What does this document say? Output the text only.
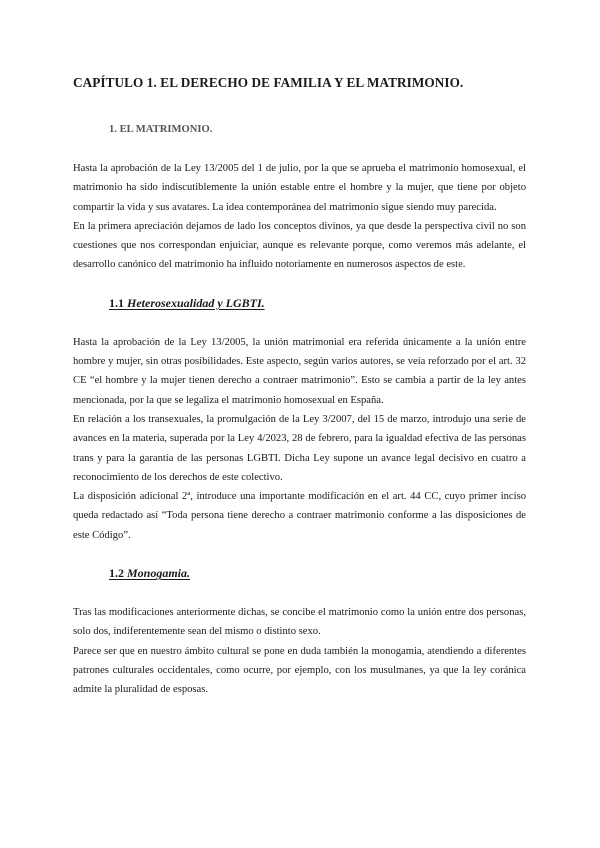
CAPÍTULO 1. EL DERECHO DE FAMILIA Y EL MATRIMONIO.
1. EL MATRIMONIO.

Hasta la aprobación de la Ley 13/2005 del 1 de julio, por la que se aprueba el matrimonio homosexual, el matrimonio ha sido indiscutiblemente la unión estable entre el hombre y la mujer, que tiene por objeto compartir la vida y sus avatares. La idea contemporánea del matrimonio sigue siendo muy parecida.

En la primera apreciación dejamos de lado los conceptos divinos, ya que desde la perspectiva civil no son cuestiones que nos correspondan enjuiciar, aunque es relevante porque, como veremos más adelante, el desarrollo canónico del matrimonio ha influido notoriamente en numerosos aspectos de este.

1.1 Heterosexualidad y LGBTI.

Hasta la aprobación de la Ley 13/2005, la unión matrimonial era referida únicamente a la unión entre hombre y mujer, sin otras posibilidades. Este aspecto, según varios autores, se veía reforzado por el art. 32 CE “el hombre y la mujer tienen derecho a contraer matrimonio”. Esto se cambia a partir de la ley antes mencionada, por la que se legaliza el matrimonio homosexual en España.

En relación a los transexuales, la promulgación de la Ley 3/2007, del 15 de marzo, introdujo una serie de avances en la materia, superada por la Ley 4/2023, 28 de febrero, para la igualdad efectiva de las personas trans y para la garantía de las personas LGBTI. Dicha Ley supone un avance legal decisivo en cuatro a reconocimiento de los derechos de este colectivo.

La disposición adicional 2ª, introduce una importante modificación en el art. 44 CC, cuyo primer inciso queda redactado así “Toda persona tiene derecho a contraer matrimonio conforme a las disposiciones de este Código”.

1.2 Monogamia.

Tras las modificaciones anteriormente dichas, se concibe el matrimonio como la unión entre dos personas, solo dos, indiferentemente sean del mismo o distinto sexo.

Parece ser que en nuestro ámbito cultural se pone en duda también la monogamia, atendiendo a diferentes patrones culturales occidentales, como ocurre, por ejemplo, con los musulmanes, ya que la ley coránica admite la pluralidad de esposas.
